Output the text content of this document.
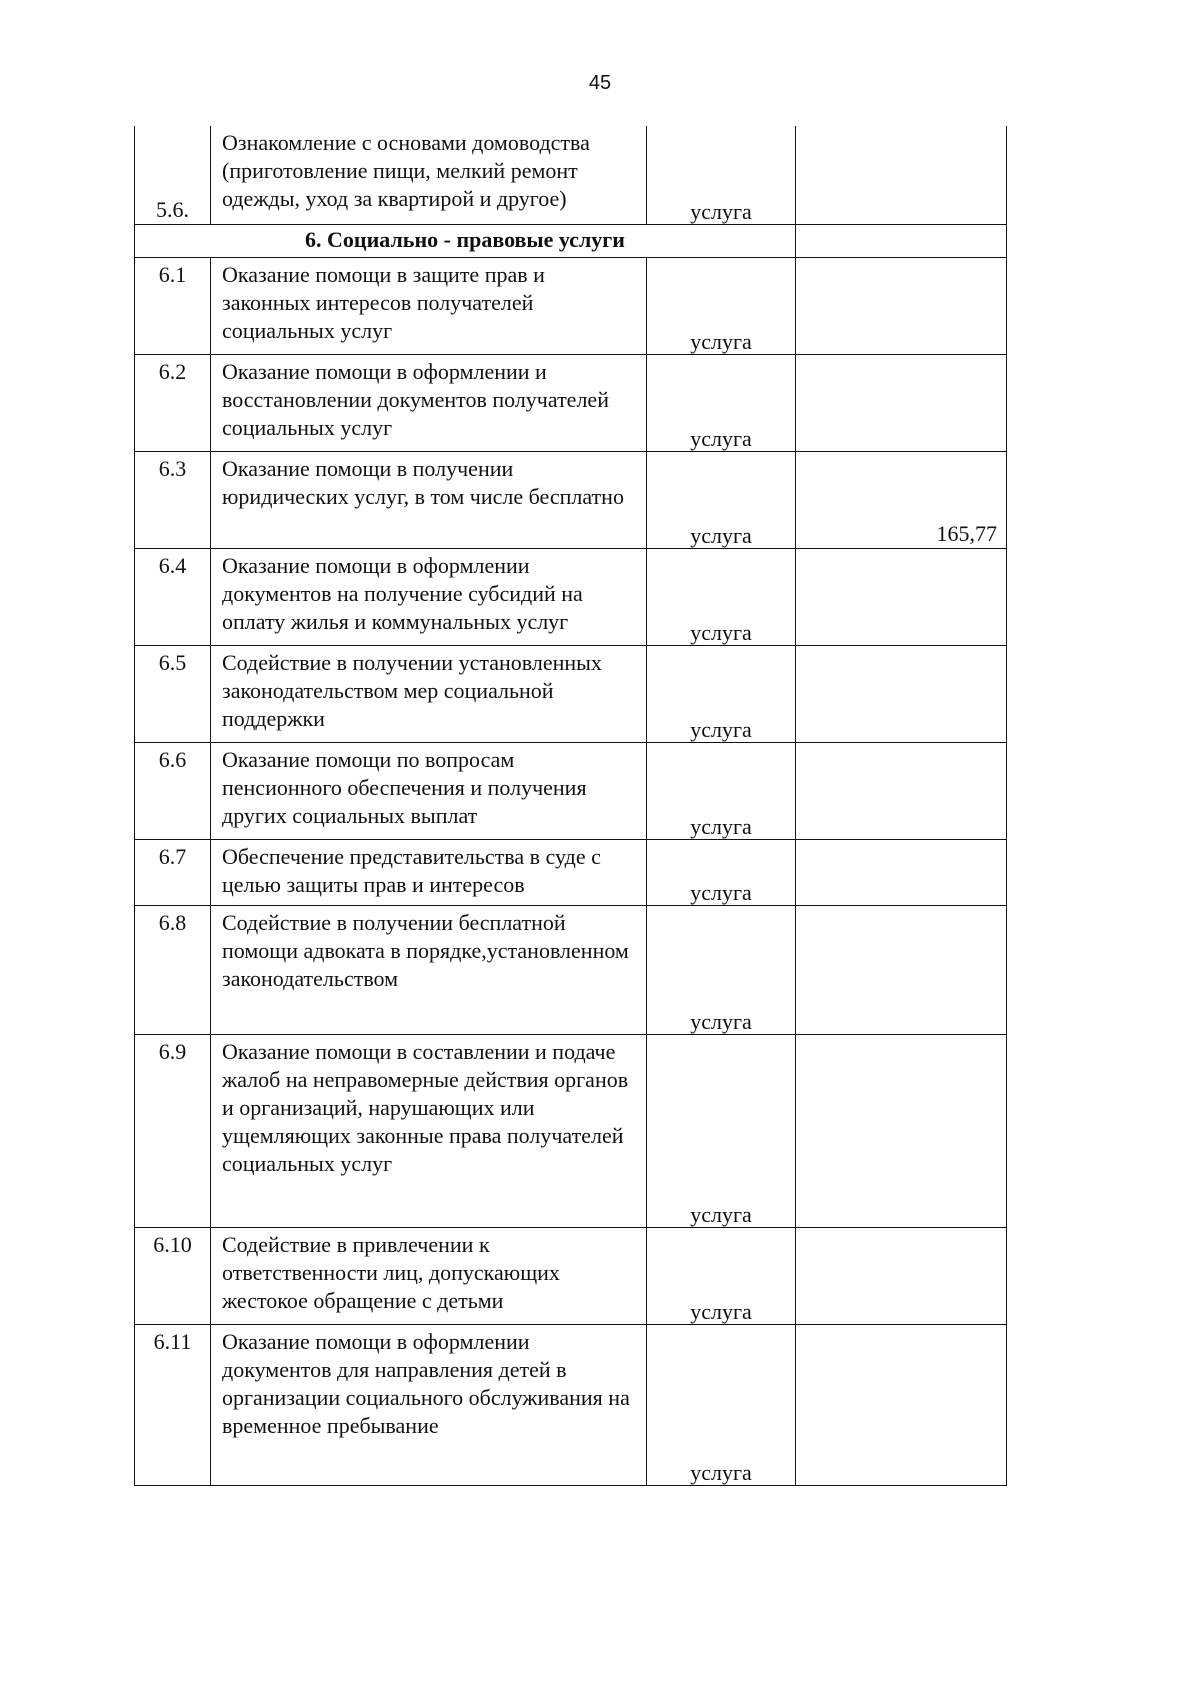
45
5.6.	Ознакомление с основами домоводства (приготовление пищи, мелкий ремонт одежды, уход за квартирой и другое)	услуга	

6. Социально - правовые услуги			
6.1	Оказание помощи в защите прав и законных интересов получателей социальных услуг	услуга	

6.2	Оказание помощи в оформлении и восстановлении документов получателей социальных услуг	услуга	

6.3	Оказание помощи в получении юридических услуг, в том числе бесплатно	услуга	165,77
6.4	Оказание помощи в оформлении документов на получение субсидий на оплату жилья и коммунальных услуг	услуга	

6.5	Содействие в получении установленных законодательством мер социальной поддержки	услуга	

6.6	Оказание помощи по вопросам пенсионного обеспечения и получения других социальных выплат	услуга	

6.7	Обеспечение представительства в суде с целью защиты прав и интересов	услуга	

6.8	Содействие в получении бесплатной помощи адвоката в порядке,установленном законодательством	услуга	

6.9	Оказание помощи в составлении и подаче жалоб на неправомерные действия органов и организаций, нарушающих или ущемляющих законные права получателей социальных услуг	услуга	

6.10	Содействие в привлечении к ответственности лиц, допускающих жестокое обращение с детьми	услуга	

6.11	Оказание помощи в оформлении документов для направления детей в организации социального обслуживания на временное пребывание	услуга	
